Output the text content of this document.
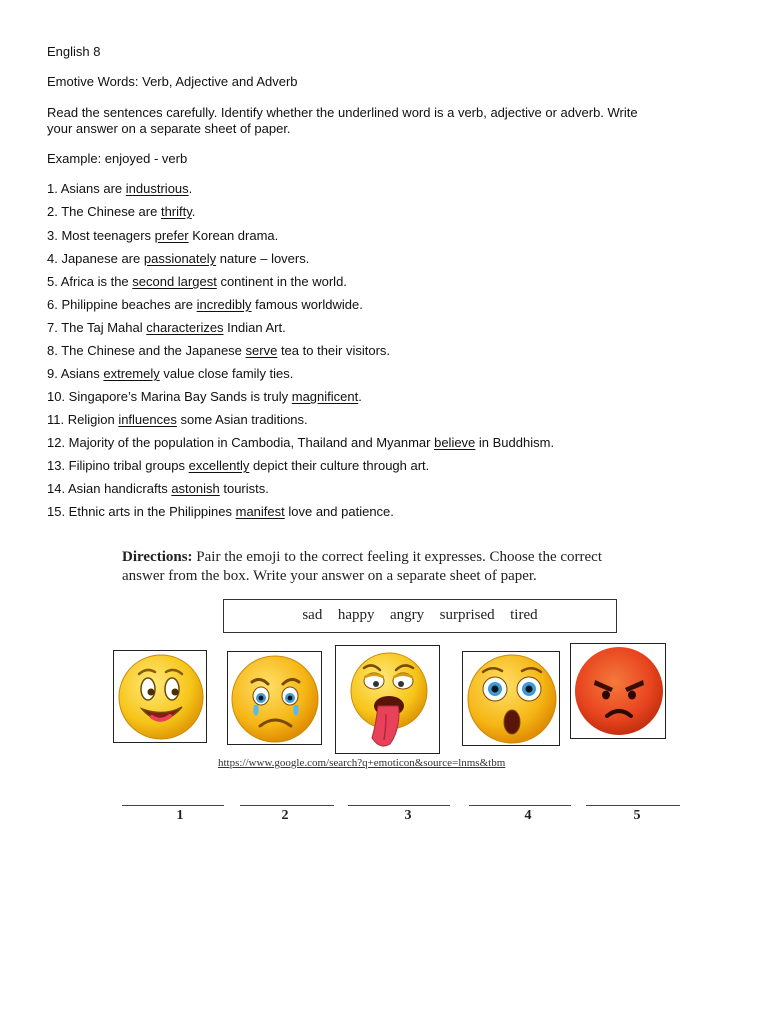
English 8
Emotive Words: Verb, Adjective and Adverb
Read the sentences carefully. Identify whether the underlined word is a verb, adjective or adverb. Write
your answer on a separate sheet of paper.
Example: enjoyed - verb
1. Asians are industrious.
2. The Chinese are thrifty.
3. Most teenagers prefer Korean drama.
4. Japanese are passionately nature – lovers.
5. Africa is the second largest continent in the world.
6. Philippine beaches are incredibly famous worldwide.
7. The Taj Mahal characterizes Indian Art.
8. The Chinese and the Japanese serve tea to their visitors.
9. Asians extremely value close family ties.
10. Singapore’s Marina Bay Sands is truly magnificent.
11. Religion influences some Asian traditions.
12. Majority of the population in Cambodia, Thailand and Myanmar believe in Buddhism.
13. Filipino tribal groups excellently depict their culture through art.
14. Asian handicrafts astonish tourists.
15. Ethnic arts in the Philippines manifest love and patience.
Directions: Pair the emoji to the correct feeling it expresses. Choose the correct
answer from the box. Write your answer on a separate sheet of paper.
sad  happy  angry  surprised  tired
https://www.google.com/search?q+emoticon&source=lnms&tbm
1	2	3	4	5
